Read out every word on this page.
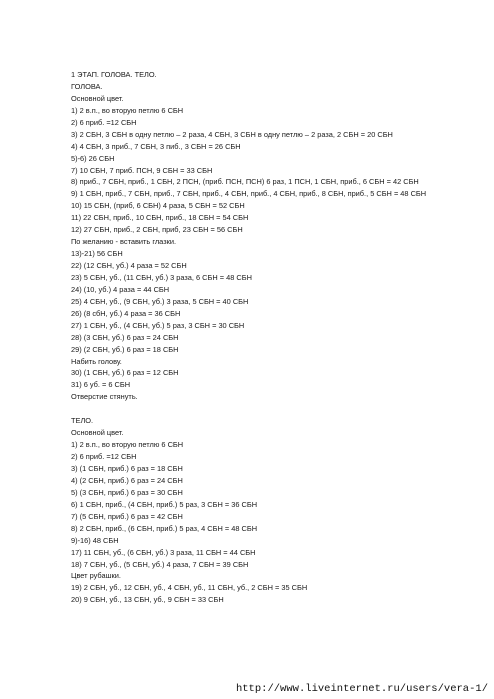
1 ЭТАП. ГОЛОВА. ТЕЛО.
ГОЛОВА.
Основной цвет.
1) 2 в.п., во вторую петлю 6 СБН
2) 6 приб. =12 СБН
3) 2 СБН, 3 СБН в одну петлю – 2 раза, 4 СБН, 3 СБН в одну петлю – 2 раза, 2 СБН = 20 СБН
4) 4 СБН, 3 приб., 7 СБН, 3 пиб., 3 СБН = 26 СБН
5)-6) 26 СБН
7) 10 СБН, 7 приб. ПСН, 9 СБН = 33 СБН
8) приб., 7 СБН, приб., 1 СБН, 2 ПСН, (приб. ПСН, ПСН) 6 раз, 1 ПСН, 1 СБН, приб., 6 СБН = 42 СБН
9) 1 СБН, приб., 7 СБН, приб., 7 СБН, приб., 4 СБН, приб., 4 СБН, приб., 8 СБН, приб., 5 СБН = 48 СБН
10) 15 СБН, (приб, 6 СБН) 4 раза, 5 СБН = 52 СБН
11) 22 СБН, приб., 10 СБН, приб., 18 СБН = 54 СБН
12) 27 СБН, приб., 2 СБН, приб, 23 СБН = 56 СБН
По желанию - вставить глазки.
13)-21) 56 СБН
22) (12 СБН, уб.) 4 раза = 52 СБН
23) 5 СБН, уб., (11 СБН, уб.) 3 раза, 6 СБН = 48 СБН
24) (10, уб.) 4 раза = 44 СБН
25) 4 СБН, уб., (9 СБН, уб.) 3 раза, 5 СБН = 40 СБН
26) (8 сбН, уб.) 4 раза = 36 СБН
27) 1 СБН, уб., (4 СБН, уб.) 5 раз, 3 СБН = 30 СБН
28) (3 СБН, уб.) 6 раз = 24 СБН
29) (2 СБН, уб.) 6 раз = 18 СБН
Набить голову.
30) (1 СБН, уб.) 6 раз = 12 СБН
31) 6 уб. = 6 СБН
Отверстие стянуть.
ТЕЛО.
Основной цвет.
1) 2 в.п., во вторую петлю 6 СБН
2) 6 приб. =12 СБН
3) (1 СБН, приб.) 6 раз = 18 СБН
4) (2 СБН, приб.) 6 раз = 24 СБН
5) (3 СБН, приб.) 6 раз = 30 СБН
6) 1 СБН, приб., (4 СБН, приб.) 5 раз, 3 СБН = 36 СБН
7) (5 СБН, приб.) 6 раз = 42 СБН
8) 2 СБН, приб., (6 СБН, приб.) 5 раз, 4 СБН = 48 СБН
9)-16) 48 СБН
17) 11 СБН, уб., (6 СБН, уб.) 3 раза, 11 СБН = 44 СБН
18) 7 СБН, уб., (5 СБН, уб.) 4 раза, 7 СБН = 39 СБН
Цвет рубашки.
19) 2 СБН, уб., 12 СБН, уб., 4 СБН, уб., 11 СБН, уб., 2 СБН = 35 СБН
20) 9 СБН, уб., 13 СБН, уб., 9 СБН = 33 СБН
http://www.liveinternet.ru/users/vera-1/
